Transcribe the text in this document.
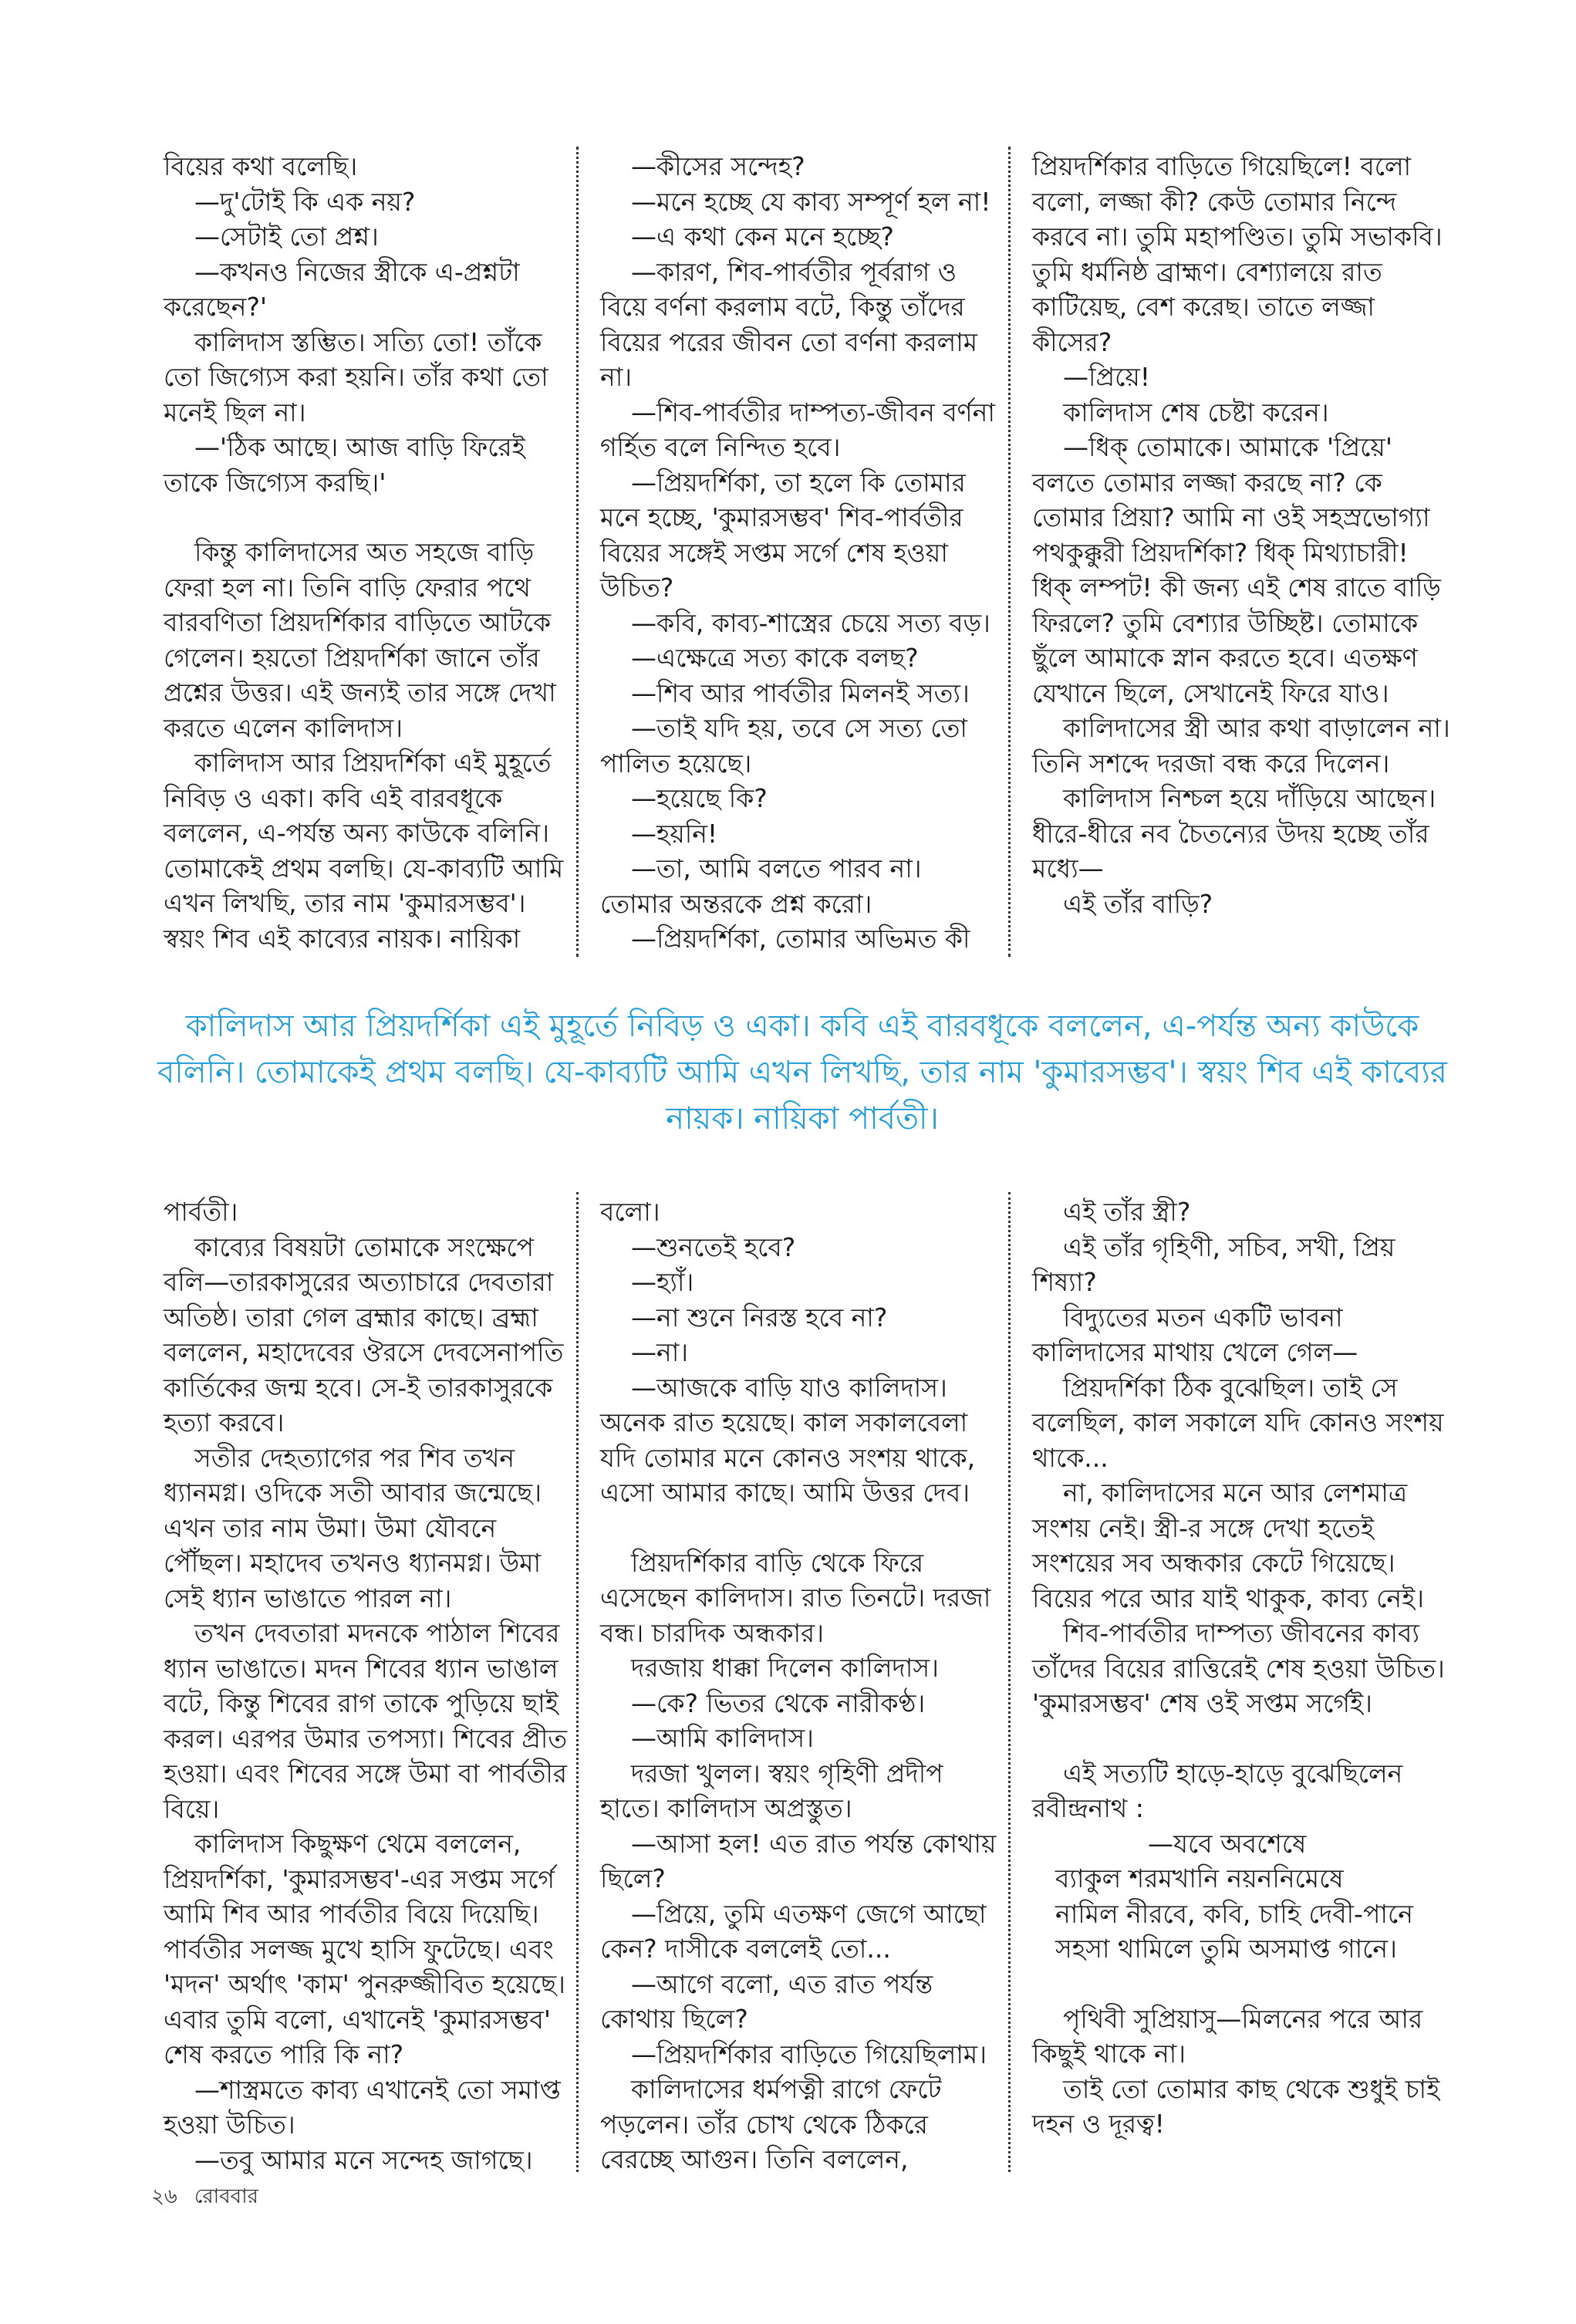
বিয়ের কথা বলেছি।

—দু'টোই কি এক নয়?

—সেটাই তো প্রশ্ন।

—কখনও নিজের স্ত্রীকে এ-প্রশ্নটা করেছেন?'

কালিদাস স্তম্ভিত। সত্যি তো! তাঁকে তো জিগ্যেস করা হয়নি। তাঁর কথা তো মনেই ছিল না।

—'ঠিক আছে। আজ বাড়ি ফিরেই তাকে জিগ্যেস করছি।'

কিন্তু কালিদাসের অত সহজে বাড়ি ফেরা হল না। তিনি বাড়ি ফেরার পথে বারবণিতা প্রিয়দর্শিকার বাড়িতে আটকে গেলেন। হয়তো প্রিয়দর্শিকা জানে তাঁর প্রশ্নের উত্তর। এই জন্যই তার সঙ্গে দেখা করতে এলেন কালিদাস।

কালিদাস আর প্রিয়দর্শিকা এই মুহূর্তে নিবিড় ও একা। কবি এই বারবধূকে বললেন, এ-পর্যন্ত অন্য কাউকে বলিনি। তোমাকেই প্রথম বলছি। যে-কাব্যটি আমি এখন লিখছি, তার নাম 'কুমারসম্ভব'। স্বয়ং শিব এই কাব্যের নায়ক। নায়িকা

—কীসের সন্দেহ?

—মনে হচ্ছে যে কাব্য সম্পূর্ণ হল না!

—এ কথা কেন মনে হচ্ছে?

—কারণ, শিব-পার্বতীর পূর্বরাগ ও বিয়ে বর্ণনা করলাম বটে, কিন্তু তাঁদের বিয়ের পরের জীবন তো বর্ণনা করলাম না।

—শিব-পার্বতীর দাম্পত্য-জীবন বর্ণনা গর্হিত বলে নিন্দিত হবে।

—প্রিয়দর্শিকা, তা হলে কি তোমার মনে হচ্ছে, 'কুমারসম্ভব' শিব-পার্বতীর বিয়ের সঙ্গেই সপ্তম সর্গে শেষ হওয়া উচিত?

—কবি, কাব্য-শাস্ত্রের চেয়ে সত্য বড়।

—এক্ষেত্রে সত্য কাকে বলছ?

—শিব আর পার্বতীর মিলনই সত্য।

—তাই যদি হয়, তবে সে সত্য তো পালিত হয়েছে।

—হয়েছে কি?

—হয়নি!

—তা, আমি বলতে পারব না। তোমার অন্তরকে প্রশ্ন করো।

—প্রিয়দর্শিকা, তোমার অভিমত কী

প্রিয়দর্শিকার বাড়িতে গিয়েছিলে! বলো বলো, লজ্জা কী? কেউ তোমার নিন্দে করবে না। তুমি মহাপণ্ডিত। তুমি সভাকবি। তুমি ধর্মনিষ্ঠ ব্রাহ্মণ। বেশ্যালয়ে রাত কাটিয়েছ, বেশ করেছ। তাতে লজ্জা কীসের?

—প্রিয়ে!

কালিদাস শেষ চেষ্টা করেন।

—ধিক্ তোমাকে। আমাকে 'প্রিয়ে' বলতে তোমার লজ্জা করছে না? কে তোমার প্রিয়া? আমি না ওই সহস্রভোগ্যা পথকুক্কুরী প্রিয়দর্শিকা? ধিক্ মিথ্যাচারী! ধিক্ লম্পট! কী জন্য এই শেষ রাতে বাড়ি ফিরলে? তুমি বেশ্যার উচ্ছিষ্ট। তোমাকে ছুঁলে আমাকে স্নান করতে হবে। এতক্ষণ যেখানে ছিলে, সেখানেই ফিরে যাও।

কালিদাসের স্ত্রী আর কথা বাড়ালেন না। তিনি সশব্দে দরজা বন্ধ করে দিলেন।

কালিদাস নিশ্চল হয়ে দাঁড়িয়ে আছেন। ধীরে-ধীরে নব চৈতন্যের উদয় হচ্ছে তাঁর মধ্যে—

এই তাঁর বাড়ি?

কালিদাস আর প্রিয়দর্শিকা এই মুহূর্তে নিবিড় ও একা। কবি এই বারবধূকে বললেন, এ-পর্যন্ত অন্য কাউকে বলিনি। তোমাকেই প্রথম বলছি। যে-কাব্যটি আমি এখন লিখছি, তার নাম 'কুমারসম্ভব'। স্বয়ং শিব এই কাব্যের নায়ক। নায়িকা পার্বতী।

পার্বতী।

কাব্যের বিষয়টা তোমাকে সংক্ষেপে বলি—তারকাসুরের অত্যাচারে দেবতারা অতিষ্ঠ। তারা গেল ব্রহ্মার কাছে। ব্রহ্মা বললেন, মহাদেবের ঔরসে দেবসেনাপতি কার্তিকের জন্ম হবে। সে-ই তারকাসুরকে হত্যা করবে।

সতীর দেহত্যাগের পর শিব তখন ধ্যানমগ্ন। ওদিকে সতী আবার জন্মেছে। এখন তার নাম উমা। উমা যৌবনে পৌঁছল। মহাদেব তখনও ধ্যানমগ্ন। উমা সেই ধ্যান ভাঙাতে পারল না।

তখন দেবতারা মদনকে পাঠাল শিবের ধ্যান ভাঙাতে। মদন শিবের ধ্যান ভাঙাল বটে, কিন্তু শিবের রাগ তাকে পুড়িয়ে ছাই করল। এরপর উমার তপস্যা। শিবের প্রীত হওয়া। এবং শিবের সঙ্গে উমা বা পার্বতীর বিয়ে।

কালিদাস কিছুক্ষণ থেমে বললেন, প্রিয়দর্শিকা, 'কুমারসম্ভব'-এর সপ্তম সর্গে আমি শিব আর পার্বতীর বিয়ে দিয়েছি। পার্বতীর সলজ্জ মুখে হাসি ফুটেছে। এবং 'মদন' অর্থাৎ 'কাম' পুনরুজ্জীবিত হয়েছে। এবার তুমি বলো, এখানেই 'কুমারসম্ভব' শেষ করতে পারি কি না?

—শাস্ত্রমতে কাব্য এখানেই তো সমাপ্ত হওয়া উচিত।

—তবু আমার মনে সন্দেহ জাগছে।

বলো।

—শুনতেই হবে?

—হ্যাঁ।

—না শুনে নিরস্ত হবে না?

—না।

—আজকে বাড়ি যাও কালিদাস। অনেক রাত হয়েছে। কাল সকালবেলা যদি তোমার মনে কোনও সংশয় থাকে, এসো আমার কাছে। আমি উত্তর দেব।

প্রিয়দর্শিকার বাড়ি থেকে ফিরে এসেছেন কালিদাস। রাত তিনটে। দরজা বন্ধ। চারদিক অন্ধকার।

দরজায় ধাক্কা দিলেন কালিদাস।

—কে? ভিতর থেকে নারীকণ্ঠ।

—আমি কালিদাস।

দরজা খুলল। স্বয়ং গৃহিণী প্রদীপ হাতে। কালিদাস অপ্রস্তুত।

—আসা হল! এত রাত পর্যন্ত কোথায় ছিলে?

—প্রিয়ে, তুমি এতক্ষণ জেগে আছো কেন? দাসীকে বললেই তো...

—আগে বলো, এত রাত পর্যন্ত কোথায় ছিলে?

—প্রিয়দর্শিকার বাড়িতে গিয়েছিলাম।

কালিদাসের ধর্মপত্নী রাগে ফেটে পড়লেন। তাঁর চোখ থেকে ঠিকরে বেরচ্ছে আগুন। তিনি বললেন,

এই তাঁর স্ত্রী?

এই তাঁর গৃহিণী, সচিব, সখী, প্রিয় শিষ্যা?

বিদ্যুতের মতন একটি ভাবনা কালিদাসের মাথায় খেলে গেল—

প্রিয়দর্শিকা ঠিক বুঝেছিল। তাই সে বলেছিল, কাল সকালে যদি কোনও সংশয় থাকে...

না, কালিদাসের মনে আর লেশমাত্র সংশয় নেই। স্ত্রী-র সঙ্গে দেখা হতেই সংশয়ের সব অন্ধকার কেটে গিয়েছে। বিয়ের পরে আর যাই থাকুক, কাব্য নেই।

শিব-পার্বতীর দাম্পত্য জীবনের কাব্য তাঁদের বিয়ের রাত্তিরেই শেষ হওয়া উচিত। 'কুমারসম্ভব' শেষ ওই সপ্তম সর্গেই।

এই সত্যটি হাড়ে-হাড়ে বুঝেছিলেন রবীন্দ্রনাথ :

—যবে অবশেষে

ব্যাকুল শরমখানি নয়ননিমেষে

নামিল নীরবে, কবি, চাহি দেবী-পানে

সহসা থামিলে তুমি অসমাপ্ত গানে।

পৃথিবী সুপ্রিয়াসু—মিলনের পরে আর কিছুই থাকে না।

তাই তো তোমার কাছ থেকে শুধুই চাই দহন ও দূরত্ব!

২৬ রোববার
